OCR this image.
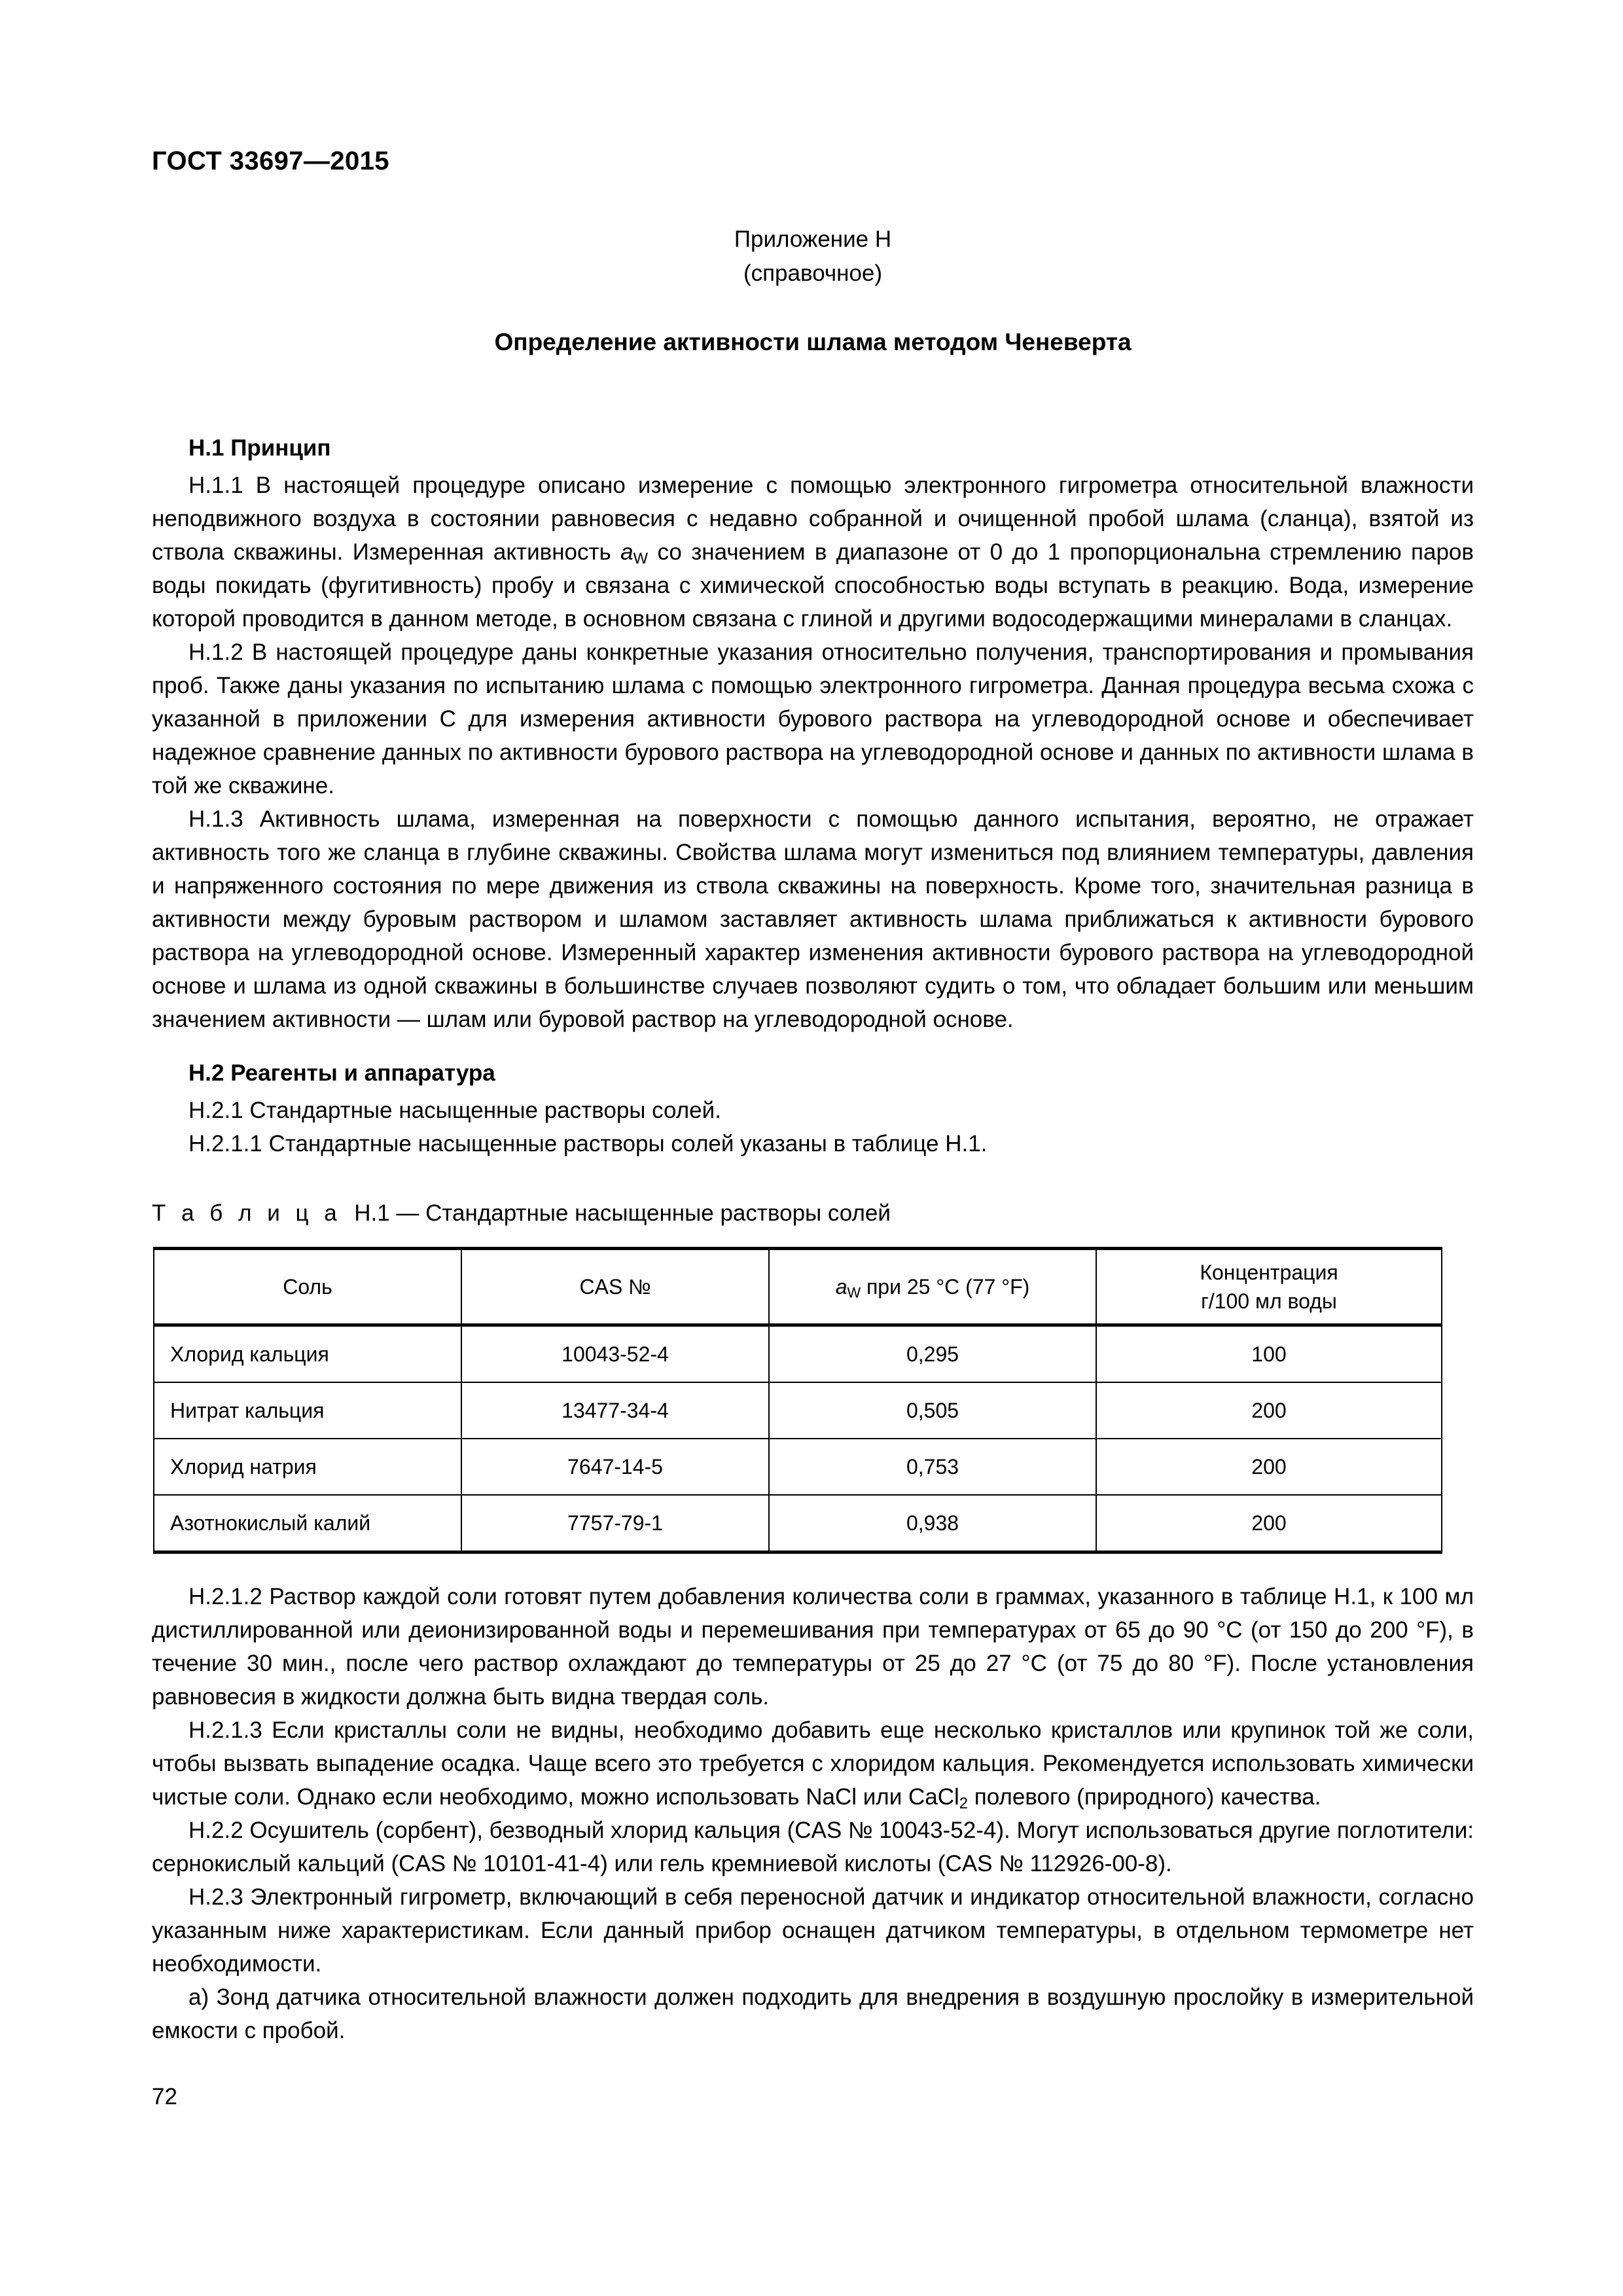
ГОСТ 33697—2015
Приложение Н
(справочное)
Определение активности шлама методом Ченеверта
Н.1 Принцип

Н.1.1 В настоящей процедуре описано измерение с помощью электронного гигрометра относительной влажности неподвижного воздуха в состоянии равновесия с недавно собранной и очищенной пробой шлама (сланца), взятой из ствола скважины. Измеренная активность $a_W$ со значением в диапазоне от 0 до 1 пропорциональна стремлению паров воды покидать (фугитивность) пробу и связана с химической способностью воды вступать в реакцию. Вода, измерение которой проводится в данном методе, в основном связана с глиной и другими водосодержащими минералами в сланцах.

Н.1.2 В настоящей процедуре даны конкретные указания относительно получения, транспортирования и промывания проб. Также даны указания по испытанию шлама с помощью электронного гигрометра. Данная процедура весьма схожа с указанной в приложении С для измерения активности бурового раствора на углеводородной основе и обеспечивает надежное сравнение данных по активности бурового раствора на углеводородной основе и данных по активности шлама в той же скважине.

Н.1.3 Активность шлама, измеренная на поверхности с помощью данного испытания, вероятно, не отражает активность того же сланца в глубине скважины. Свойства шлама могут измениться под влиянием температуры, давления и напряженного состояния по мере движения из ствола скважины на поверхность. Кроме того, значительная разница в активности между буровым раствором и шламом заставляет активность шлама приближаться к активности бурового раствора на углеводородной основе. Измеренный характер изменения активности бурового раствора на углеводородной основе и шлама из одной скважины в большинстве случаев позволяют судить о том, что обладает большим или меньшим значением активности — шлам или буровой раствор на углеводородной основе.

Н.2 Реагенты и аппаратура

Н.2.1 Стандартные насыщенные растворы солей.

Н.2.1.1 Стандартные насыщенные растворы солей указаны в таблице Н.1.

Т а б л и ц а Н.1 — Стандартные насыщенные растворы солей
Соль	CAS №	$a_W$ при 25 °С (77 °F)	Концентрация
г/100 мл воды
Хлорид кальция	10043-52-4	0,295	100
Нитрат кальция	13477-34-4	0,505	200
Хлорид натрия	7647-14-5	0,753	200
Азотнокислый калий	7757-79-1	0,938	200

Н.2.1.2 Раствор каждой соли готовят путем добавления количества соли в граммах, указанного в таблице Н.1, к 100 мл дистиллированной или деионизированной воды и перемешивания при температурах от 65 до 90 °С (от 150 до 200 °F), в течение 30 мин., после чего раствор охлаждают до температуры от 25 до 27 °С (от 75 до 80 °F). После установления равновесия в жидкости должна быть видна твердая соль.

Н.2.1.3 Если кристаллы соли не видны, необходимо добавить еще несколько кристаллов или крупинок той же соли, чтобы вызвать выпадение осадка. Чаще всего это требуется с хлоридом кальция. Рекомендуется использовать химически чистые соли. Однако если необходимо, можно использовать NaCl или CaCl$_2$ полевого (природного) качества.

Н.2.2 Осушитель (сорбент), безводный хлорид кальция (CAS № 10043-52-4). Могут использоваться другие поглотители: сернокислый кальций (CAS № 10101-41-4) или гель кремниевой кислоты (CAS № 112926-00-8).

Н.2.3 Электронный гигрометр, включающий в себя переносной датчик и индикатор относительной влажности, согласно указанным ниже характеристикам. Если данный прибор оснащен датчиком температуры, в отдельном термометре нет необходимости.

а) Зонд датчика относительной влажности должен подходить для внедрения в воздушную прослойку в измерительной емкости с пробой.

72
